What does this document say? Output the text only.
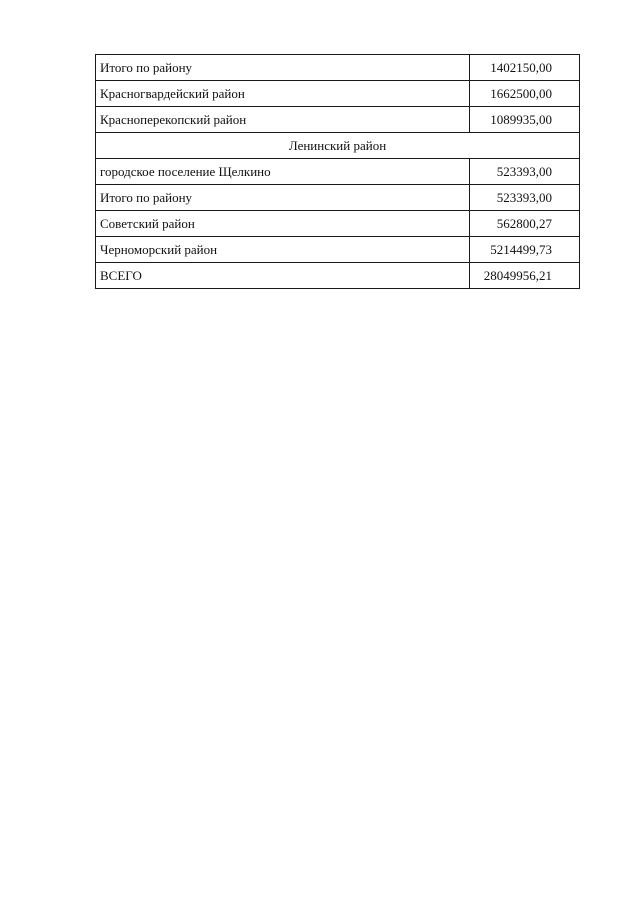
Итого по району	1402150,00
Красногвардейский район	1662500,00
Красноперекопский район	1089935,00
Ленинский район	
городское поселение Щелкино	523393,00
Итого по району	523393,00
Советский район	562800,27
Черноморский район	5214499,73
ВСЕГО	28049956,21
